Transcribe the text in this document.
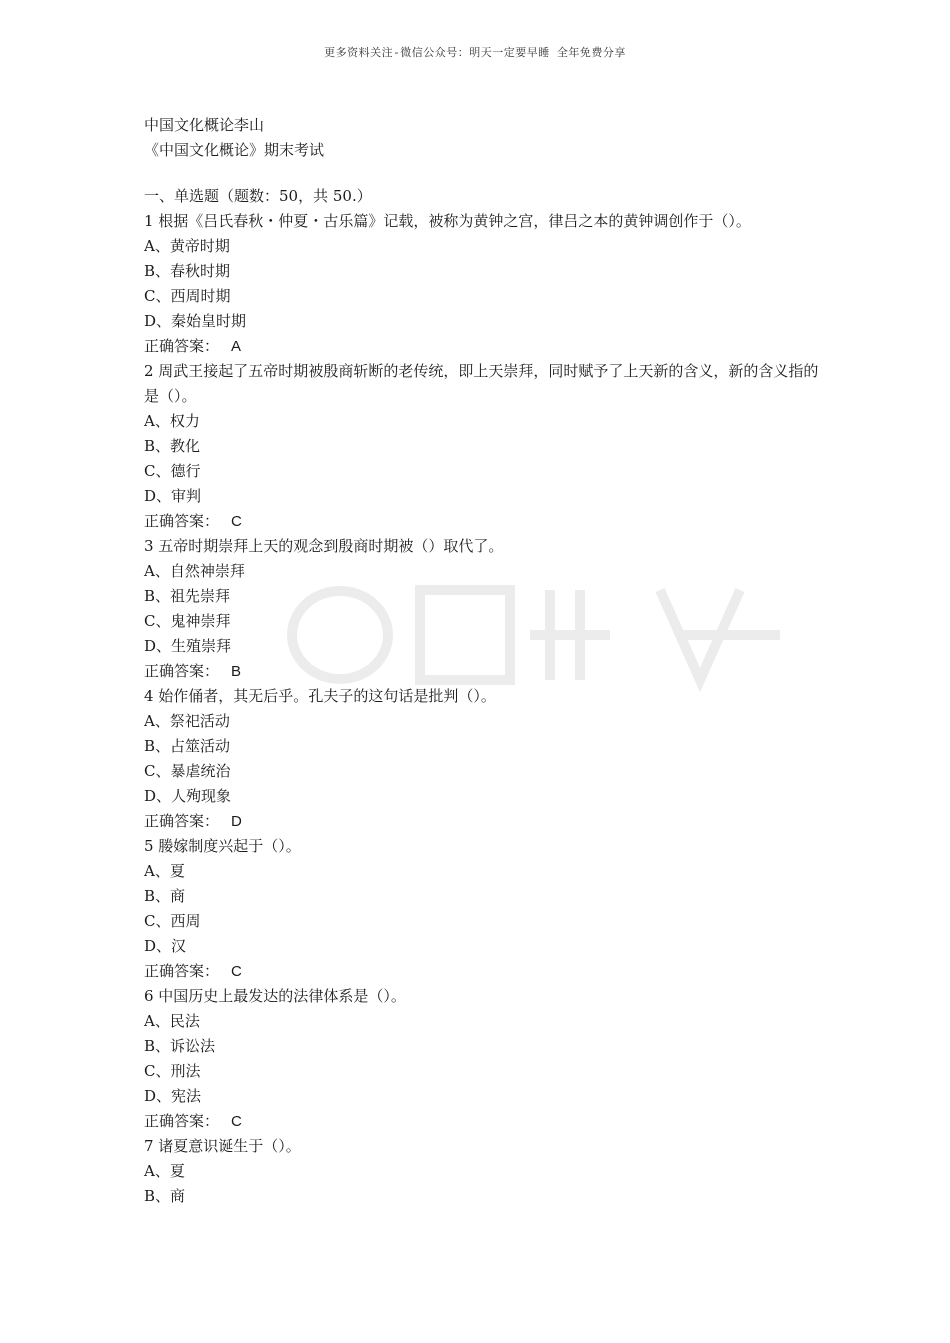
更多资料关注-微信公众号：明天一定要早睡 全年免费分享
中国文化概论李山
《中国文化概论》期末考试
一、单选题（题数：50，共 50.）
1 根据《吕氏春秋・仲夏・古乐篇》记载，被称为黄钟之宫，律吕之本的黄钟调创作于（）。
A、黄帝时期
B、春秋时期
C、西周时期
D、秦始皇时期
正确答案： A
2 周武王接起了五帝时期被殷商斩断的老传统，即上天崇拜，同时赋予了上天新的含义，新的含义指的是（）。
A、权力
B、教化
C、德行
D、审判
正确答案： C
3 五帝时期崇拜上天的观念到殷商时期被（）取代了。
A、自然神崇拜
B、祖先崇拜
C、鬼神崇拜
D、生殖崇拜
正确答案： B
4 始作俑者，其无后乎。孔夫子的这句话是批判（）。
A、祭祀活动
B、占筮活动
C、暴虐统治
D、人殉现象
正确答案： D
5 媵嫁制度兴起于（）。
A、夏
B、商
C、西周
D、汉
正确答案： C
6 中国历史上最发达的法律体系是（）。
A、民法
B、诉讼法
C、刑法
D、宪法
正确答案： C
7 诸夏意识诞生于（）。
A、夏
B、商
